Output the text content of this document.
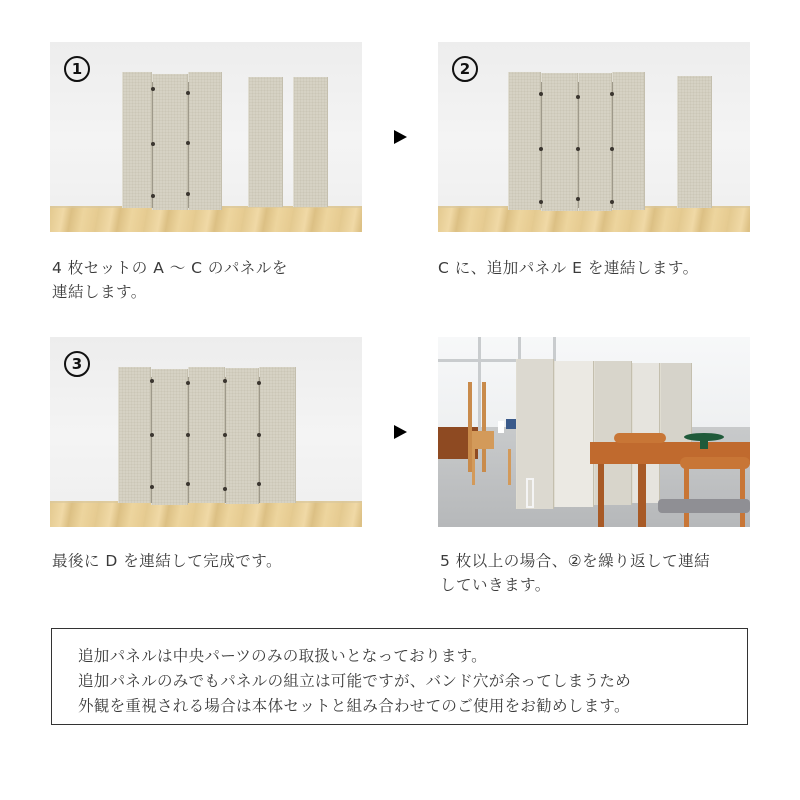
1	2
4 枚セットの A ～ C のパネルを
連結します。
C に、追加パネル E を連結します。
3
最後に D を連結して完成です。	5 枚以上の場合、②を繰り返して連結
していきます。
追加パネルは中央パーツのみの取扱いとなっております。
追加パネルのみでもパネルの組立は可能ですが、バンド穴が余ってしまうため
外観を重視される場合は本体セットと組み合わせてのご使用をお勧めします。
